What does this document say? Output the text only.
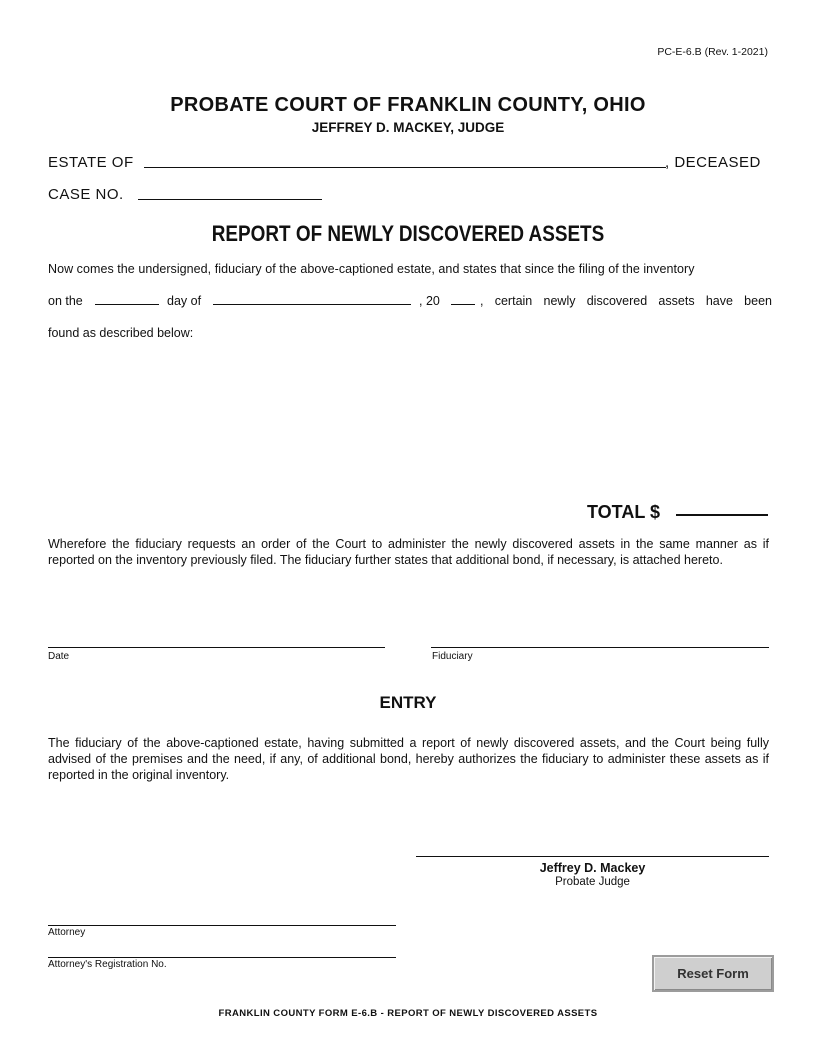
PC-E-6.B (Rev. 1-2021)
PROBATE COURT OF FRANKLIN COUNTY, OHIO
JEFFREY D. MACKEY, JUDGE
ESTATE OF	, DECEASED
CASE NO.
REPORT OF NEWLY DISCOVERED ASSETS
Now comes the undersigned, fiduciary of the above-captioned estate, and states that since the filing of the inventory
on the	day of	, 20	, certain newly discovered assets have been
found as described below:
TOTAL $
Wherefore the fiduciary requests an order of the Court to administer the newly discovered assets in the same manner as if reported on the inventory previously filed. The fiduciary further states that additional bond, if necessary, is attached hereto.
Date	Fiduciary
ENTRY
The fiduciary of the above-captioned estate, having submitted a report of newly discovered assets, and the Court being fully advised of the premises and the need, if any, of additional bond, hereby authorizes the fiduciary to administer these assets as if reported in the original inventory.
Jeffrey D. Mackey
Probate Judge
Attorney
Attorney's Registration No.
Reset Form
FRANKLIN COUNTY FORM E-6.B - REPORT OF NEWLY DISCOVERED ASSETS
